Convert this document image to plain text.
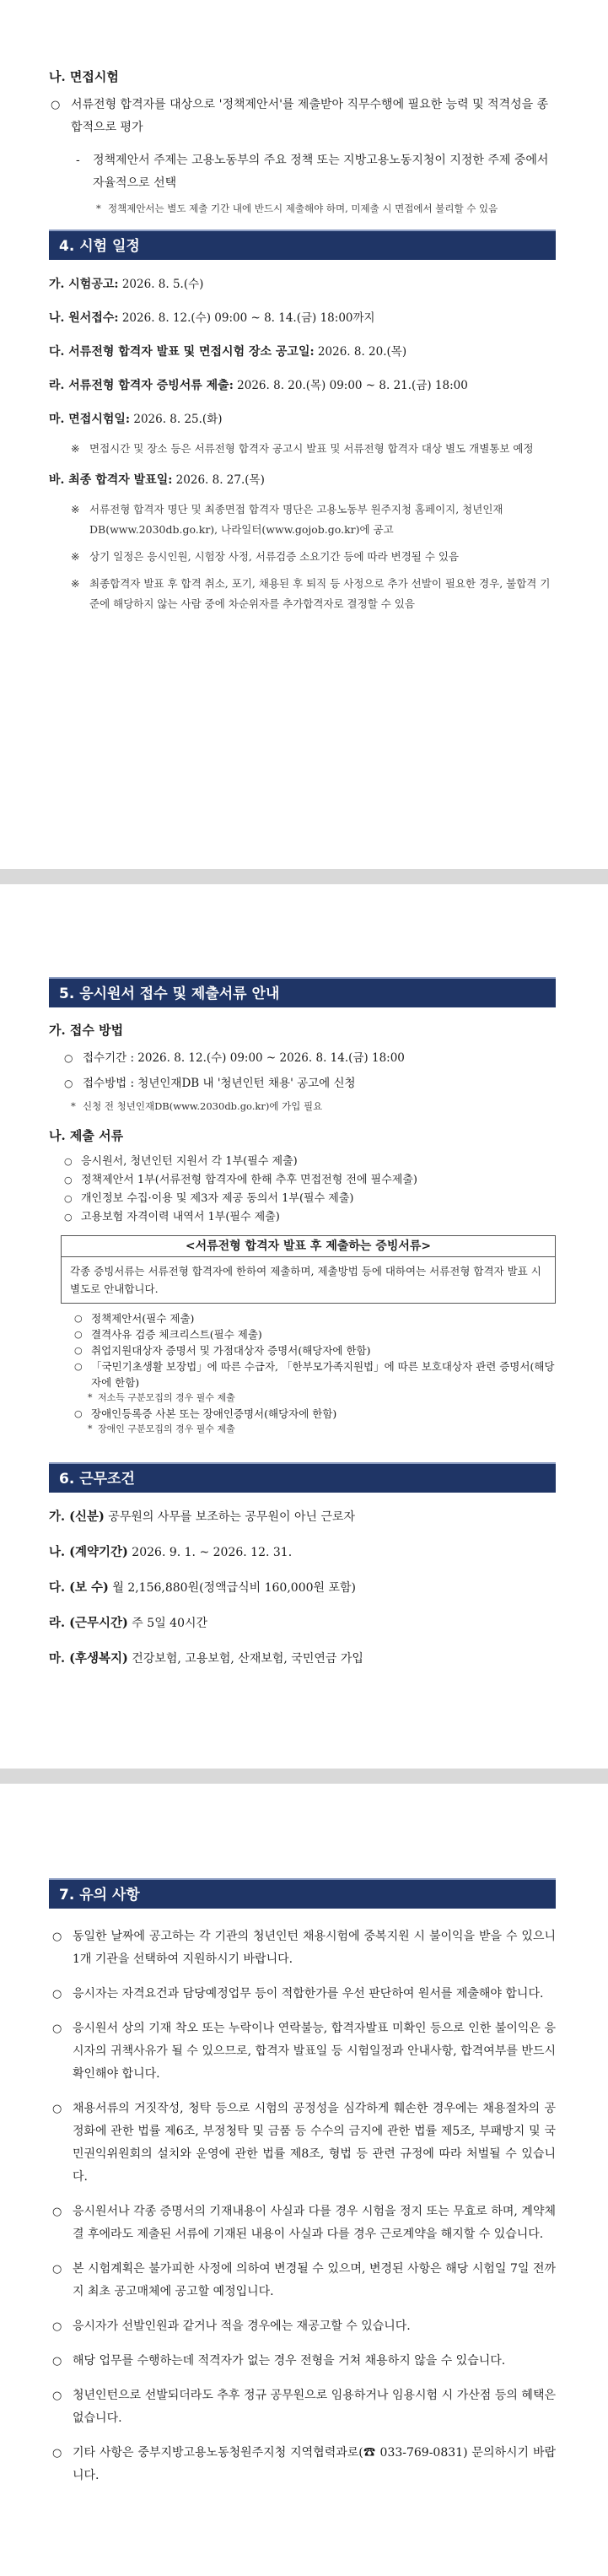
나. 면접시험
○ 서류전형 합격자를 대상으로 '정책제안서'를 제출받아 직무수행에 필요한 능력 및 적격성을 종합적으로 평가
- 정책제안서 주제는 고용노동부의 주요 정책 또는 지방고용노동지청이 지정한 주제 중에서 자율적으로 선택
* 정책제안서는 별도 제출 기간 내에 반드시 제출해야 하며, 미제출 시 면접에서 불리할 수 있음
4. 시험 일정
가. 시험공고: 2026. 8. 5.(수)
나. 원서접수: 2026. 8. 12.(수) 09:00 ~ 8. 14.(금) 18:00까지
다. 서류전형 합격자 발표 및 면접시험 장소 공고일: 2026. 8. 20.(목)
라. 서류전형 합격자 증빙서류 제출: 2026. 8. 20.(목) 09:00 ~ 8. 21.(금) 18:00
마. 면접시험일: 2026. 8. 25.(화)
※ 면접시간 및 장소 등은 서류전형 합격자 공고시 발표 및 서류전형 합격자 대상 별도 개별통보 예정
바. 최종 합격자 발표일: 2026. 8. 27.(목)
※ 서류전형 합격자 명단 및 최종면접 합격자 명단은 고용노동부 원주지청 홈페이지, 청년인재DB(www.2030db.go.kr), 나라일터(www.gojob.go.kr)에 공고
※ 상기 일정은 응시인원, 시험장 사정, 서류검증 소요기간 등에 따라 변경될 수 있음
※ 최종합격자 발표 후 합격 취소, 포기, 채용된 후 퇴직 등 사정으로 추가 선발이 필요한 경우, 불합격 기준에 해당하지 않는 사람 중에 차순위자를 추가합격자로 결정할 수 있음
5. 응시원서 접수 및 제출서류 안내
가. 접수 방법
○ 접수기간 : 2026. 8. 12.(수) 09:00 ~ 2026. 8. 14.(금) 18:00
○ 접수방법 : 청년인재DB 내 '청년인턴 채용' 공고에 신청
* 신청 전 청년인재DB(www.2030db.go.kr)에 가입 필요
나. 제출 서류
○ 응시원서, 청년인턴 지원서 각 1부(필수 제출)
○ 정책제안서 1부(서류전형 합격자에 한해 추후 면접전형 전에 필수제출)
○ 개인정보 수집·이용 및 제3자 제공 동의서 1부(필수 제출)
○ 고용보험 자격이력 내역서 1부(필수 제출)
<서류전형 합격자 발표 후 제출하는 증빙서류>
각종 증빙서류는 서류전형 합격자에 한하여 제출하며, 제출방법 등에 대하여는 서류전형 합격자 발표 시 별도로 안내합니다.
○ 정책제안서(필수 제출)
○ 결격사유 검증 체크리스트(필수 제출)
○ 취업지원대상자 증명서 및 가점대상자 증명서(해당자에 한함)
○ 「국민기초생활 보장법」에 따른 수급자, 「한부모가족지원법」에 따른 보호대상자 관련 증명서(해당자에 한함)
* 저소득 구분모집의 경우 필수 제출
○ 장애인등록증 사본 또는 장애인증명서(해당자에 한함)
* 장애인 구분모집의 경우 필수 제출
6. 근무조건
가. (신분) 공무원의 사무를 보조하는 공무원이 아닌 근로자
나. (계약기간) 2026. 9. 1. ~ 2026. 12. 31.
다. (보 수) 월 2,156,880원(정액급식비 160,000원 포함)
라. (근무시간) 주 5일 40시간
마. (후생복지) 건강보험, 고용보험, 산재보험, 국민연금 가입
7. 유의 사항
○ 동일한 날짜에 공고하는 각 기관의 청년인턴 채용시험에 중복지원 시 불이익을 받을 수 있으니 1개 기관을 선택하여 지원하시기 바랍니다.
○ 응시자는 자격요건과 담당예정업무 등이 적합한가를 우선 판단하여 원서를 제출해야 합니다.
○ 응시원서 상의 기재 착오 또는 누락이나 연락불능, 합격자발표 미확인 등으로 인한 불이익은 응시자의 귀책사유가 될 수 있으므로, 합격자 발표일 등 시험일정과 안내사항, 합격여부를 반드시 확인해야 합니다.
○ 채용서류의 거짓작성, 청탁 등으로 시험의 공정성을 심각하게 훼손한 경우에는 채용절차의 공정화에 관한 법률 제6조, 부정청탁 및 금품 등 수수의 금지에 관한 법률 제5조, 부패방지 및 국민권익위원회의 설치와 운영에 관한 법률 제8조, 형법 등 관련 규정에 따라 처벌될 수 있습니다.
○ 응시원서나 각종 증명서의 기재내용이 사실과 다를 경우 시험을 정지 또는 무효로 하며, 계약체결 후에라도 제출된 서류에 기재된 내용이 사실과 다를 경우 근로계약을 해지할 수 있습니다.
○ 본 시험계획은 불가피한 사정에 의하여 변경될 수 있으며, 변경된 사항은 해당 시험일 7일 전까지 최초 공고매체에 공고할 예정입니다.
○ 응시자가 선발인원과 같거나 적을 경우에는 재공고할 수 있습니다.
○ 해당 업무를 수행하는데 적격자가 없는 경우 전형을 거쳐 채용하지 않을 수 있습니다.
○ 청년인턴으로 선발되더라도 추후 정규 공무원으로 임용하거나 임용시험 시 가산점 등의 혜택은 없습니다.
○ 기타 사항은 중부지방고용노동청원주지청 지역협력과로(☎ 033-769-0831) 문의하시기 바랍니다.
